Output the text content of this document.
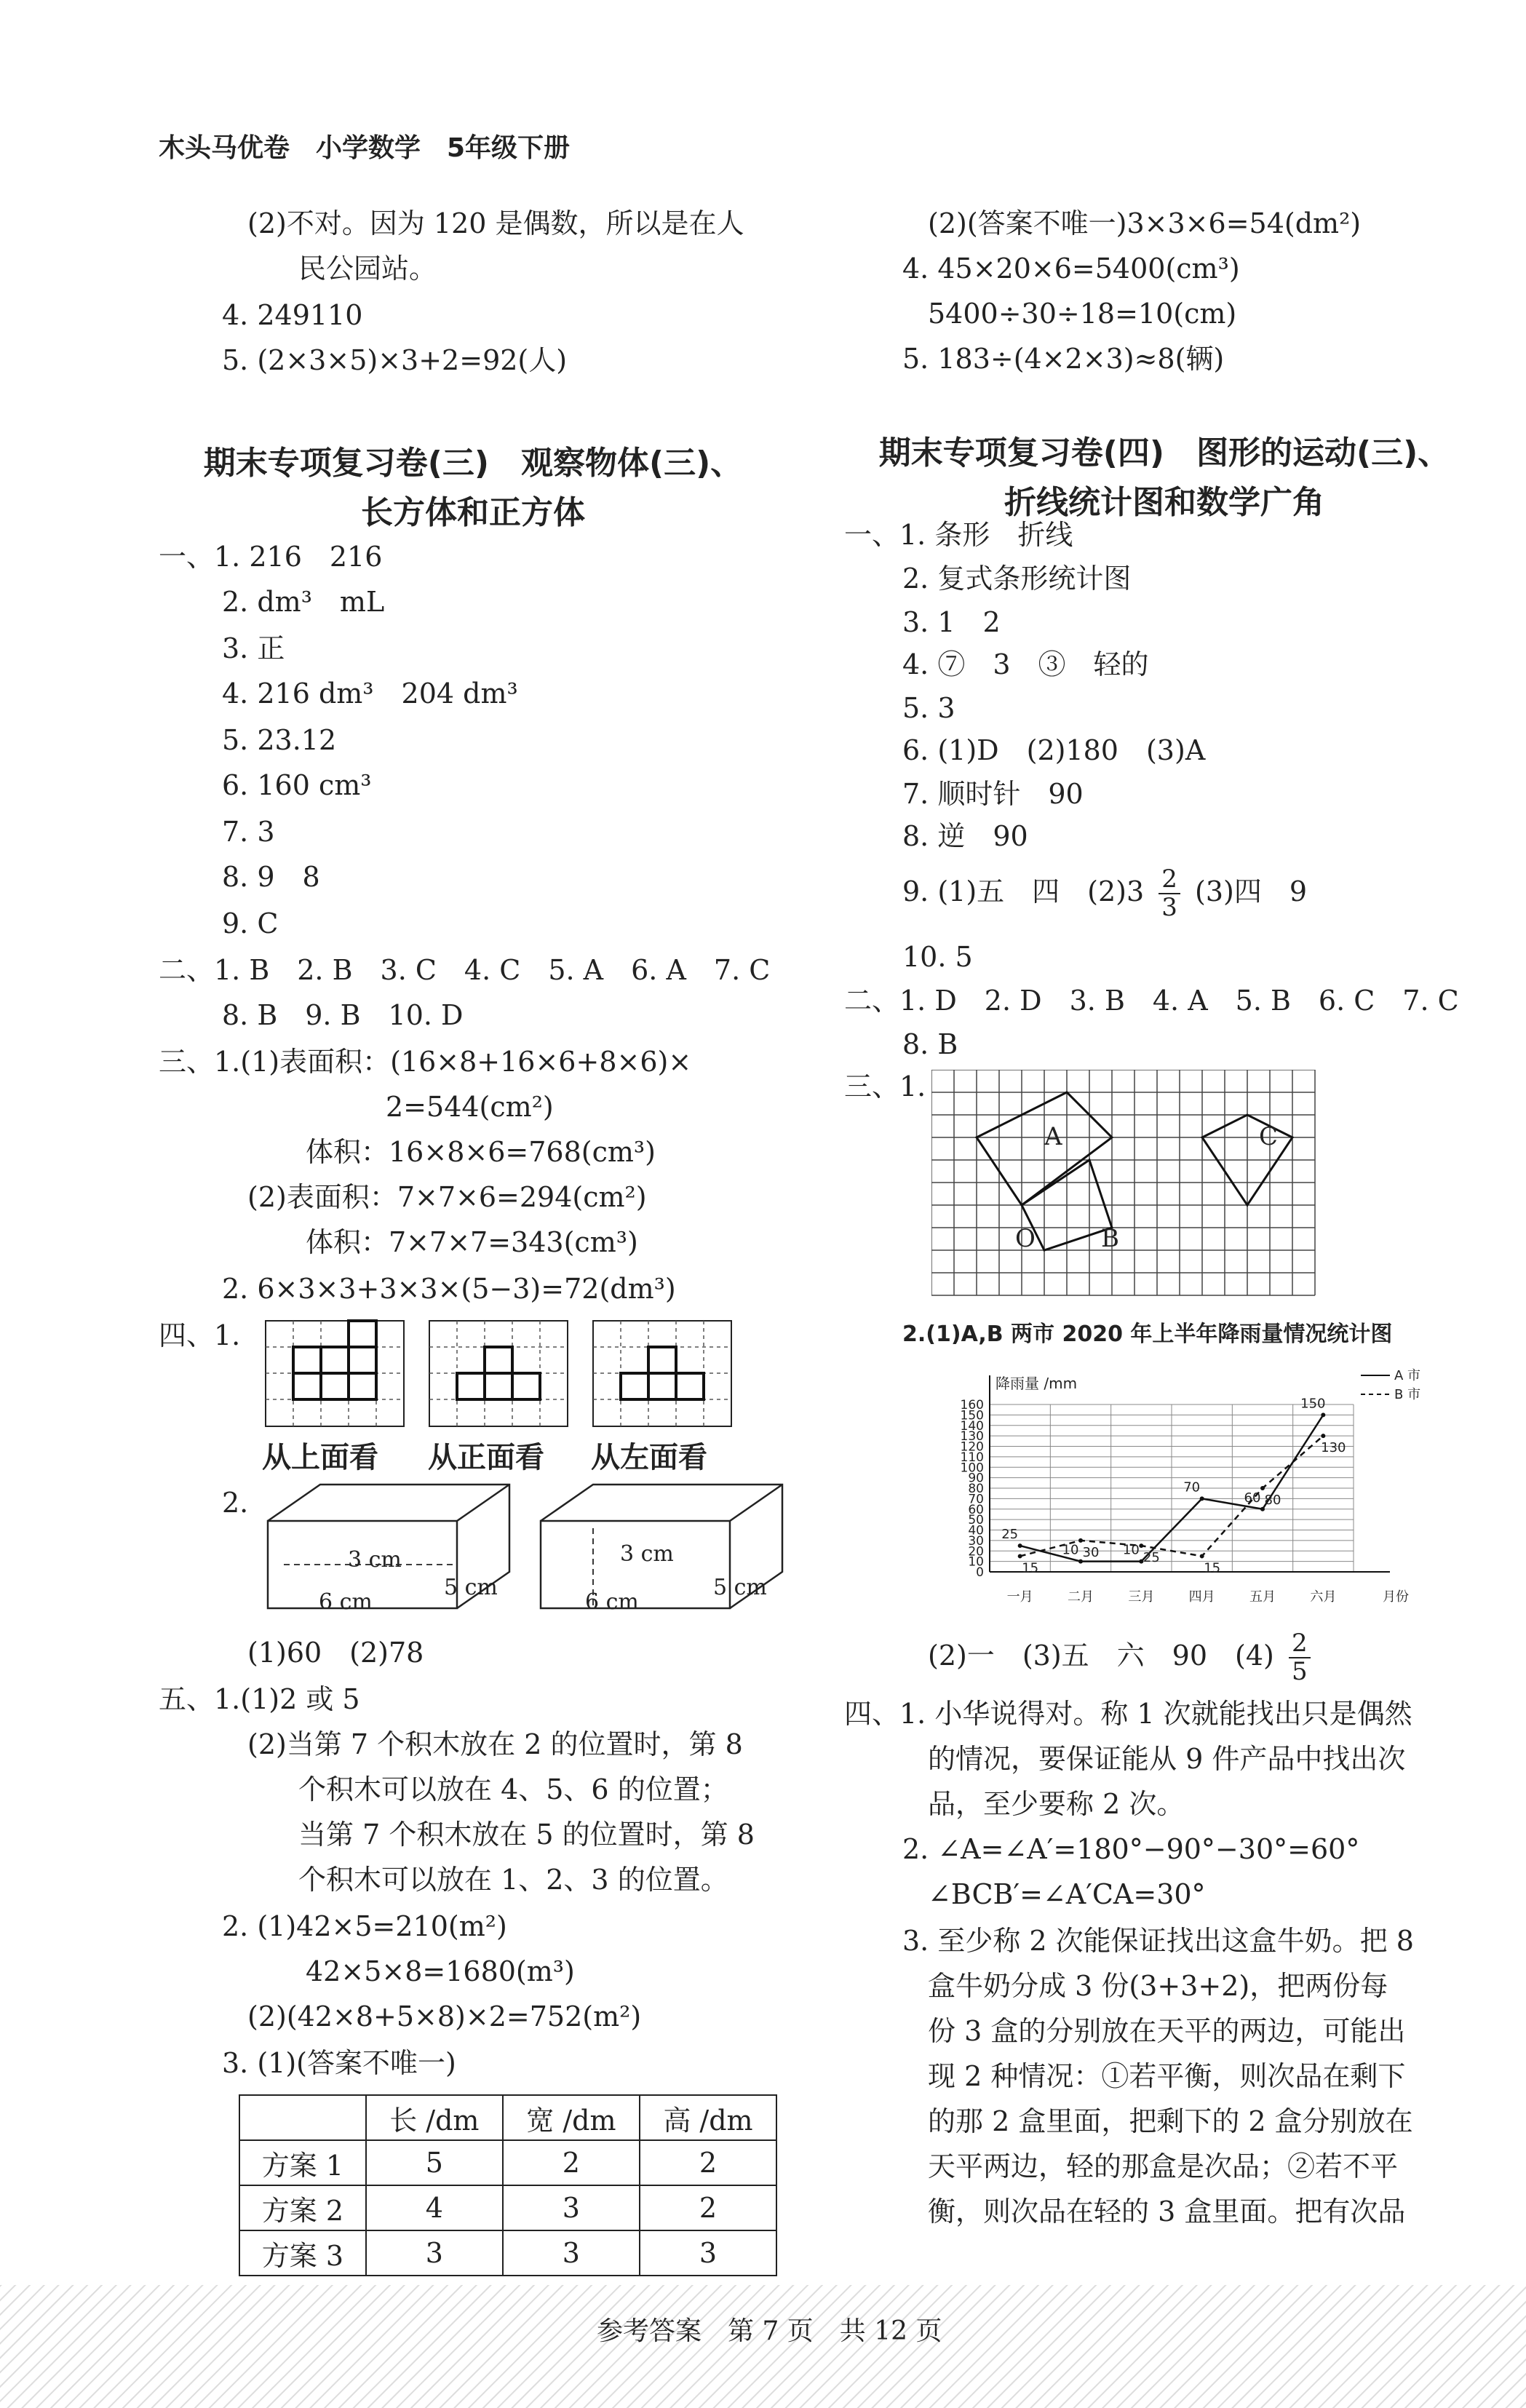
木头马优卷　小学数学　5年级下册
(2)不对。因为 120 是偶数，所以是在人
民公园站。
4. 249110
5. (2×3×5)×3+2=92(人)
期末专项复习卷(三)　观察物体(三)、
长方体和正方体
一、1. 216　216
2. dm³　mL
3. 正
4. 216 dm³　204 dm³
5. 23.12
6. 160 cm³
7. 3
8. 9　8
9. C
二、1. B　2. B　3. C　4. C　5. A　6. A　7. C
8. B　9. B　10. D
三、1.(1)表面积：(16×8+16×6+8×6)×
2=544(cm²)
体积：16×8×6=768(cm³)
(2)表面积：7×7×6=294(cm²)
体积：7×7×7=343(cm³)
2. 6×3×3+3×3×(5−3)=72(dm³)
四、1.
从上面看 从正面看 从左面看
2.
3 cm	3 cm
6 cm
5 cm
6 cm
5 cm
(1)60　(2)78
五、1.(1)2 或 5
(2)当第 7 个积木放在 2 的位置时，第 8
个积木可以放在 4、5、6 的位置；
当第 7 个积木放在 5 的位置时，第 8
个积木可以放在 1、2、3 的位置。
2. (1)42×5=210(m²)
42×5×8=1680(m³)
(2)(42×8+5×8)×2=752(m²)
3. (1)(答案不唯一)
	长 /dm	宽 /dm	高 /dm
方案 1	5	2	2
方案 2	4	3	2
方案 3	3	3	3
(2)(答案不唯一)3×3×6=54(dm²)
4. 45×20×6=5400(cm³)
5400÷30÷18=10(cm)
5. 183÷(4×2×3)≈8(辆)
期末专项复习卷(四)　图形的运动(三)、
折线统计图和数学广角
一、1. 条形　折线
2. 复式条形统计图
3. 1　2
4. ⑦　3　③　轻的
5. 3
6. (1)D　(2)180　(3)A
7. 顺时针　90
8. 逆　90
9. (1)五　四　$(2)3 \frac{2}{3} (3)$四　9
10. 5
二、1. D　2. D　3. B　4. A　5. B　6. C　7. C
8. B
三、1.
A
B
C
O
2.(1)A,B 两市 2020 年上半年降雨量情况统计图
0
10
20
30
40
50
60
70
80
90
100
110
120
130
140
150
160
降雨量 /mm
月份
一月	二月	三月	四月	五月	六月
25
10	10
70
60
150
A 市
15
30	25
15
80
130
B 市
(2)一　(3)五　六　90　$(4) \frac{2}{5}$
四、1. 小华说得对。称 1 次就能找出只是偶然
的情况，要保证能从 9 件产品中找出次
品，至少要称 2 次。
2. ∠A=∠A′=180°−90°−30°=60°
∠BCB′=∠A′CA=30°
3. 至少称 2 次能保证找出这盒牛奶。把 8
盒牛奶分成 3 份(3+3+2)，把两份每
份 3 盒的分别放在天平的两边，可能出
现 2 种情况：①若平衡，则次品在剩下
的那 2 盒里面，把剩下的 2 盒分别放在
天平两边，轻的那盒是次品；②若不平
衡，则次品在轻的 3 盒里面。把有次品
参考答案　第 7 页　共 12 页
